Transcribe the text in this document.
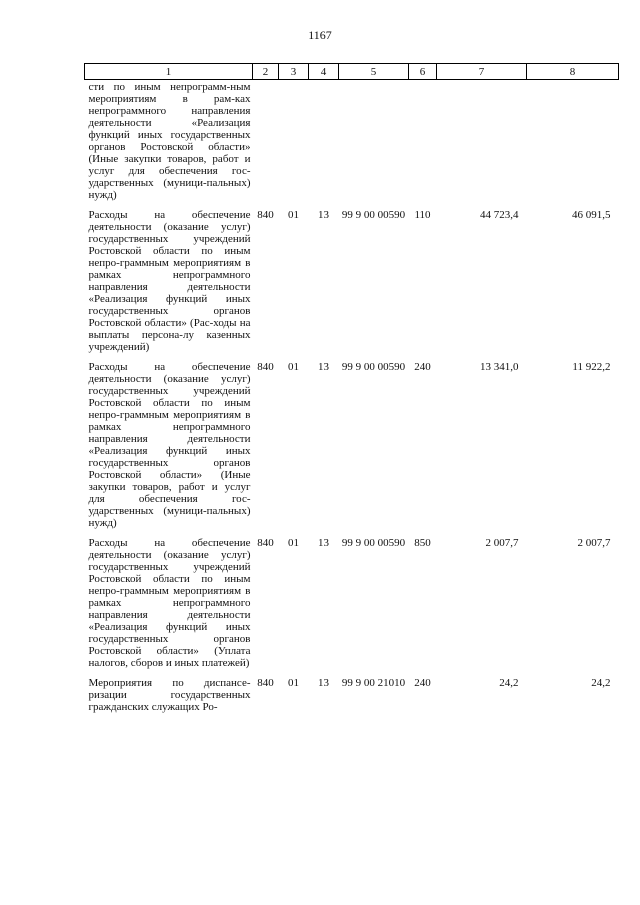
1167
1	2	3	4	5	6	7	8
сти по иным непрограмм-ным мероприятиям в рам-ках непрограммного направления деятельности «Реализация функций иных государственных органов Ростовской области» (Иные закупки товаров, работ и услуг для обеспечения гос-ударственных (муници-пальных) нужд)							
Расходы на обеспечение деятельности (оказание услуг) государственных учреждений Ростовской области по иным непро-граммным мероприятиям в рамках непрограммного направления деятельности «Реализация функций иных государственных органов Ростовской области» (Рас-ходы на выплаты персона-лу казенных учреждений)	840	01	13	99 9 00 00590	110	44 723,4	46 091,5
Расходы на обеспечение деятельности (оказание услуг) государственных учреждений Ростовской области по иным непро-граммным мероприятиям в рамках непрограммного направления деятельности «Реализация функций иных государственных органов Ростовской области» (Иные закупки товаров, работ и услуг для обеспечения гос-ударственных (муници-пальных) нужд)	840	01	13	99 9 00 00590	240	13 341,0	11 922,2
Расходы на обеспечение деятельности (оказание услуг) государственных учреждений Ростовской области по иным непро-граммным мероприятиям в рамках непрограммного направления деятельности «Реализация функций иных государственных органов Ростовской области» (Уплата налогов, сборов и иных платежей)	840	01	13	99 9 00 00590	850	2 007,7	2 007,7
Мероприятия по диспансе-ризации государственных гражданских служащих Ро-	840	01	13	99 9 00 21010	240	24,2	24,2
